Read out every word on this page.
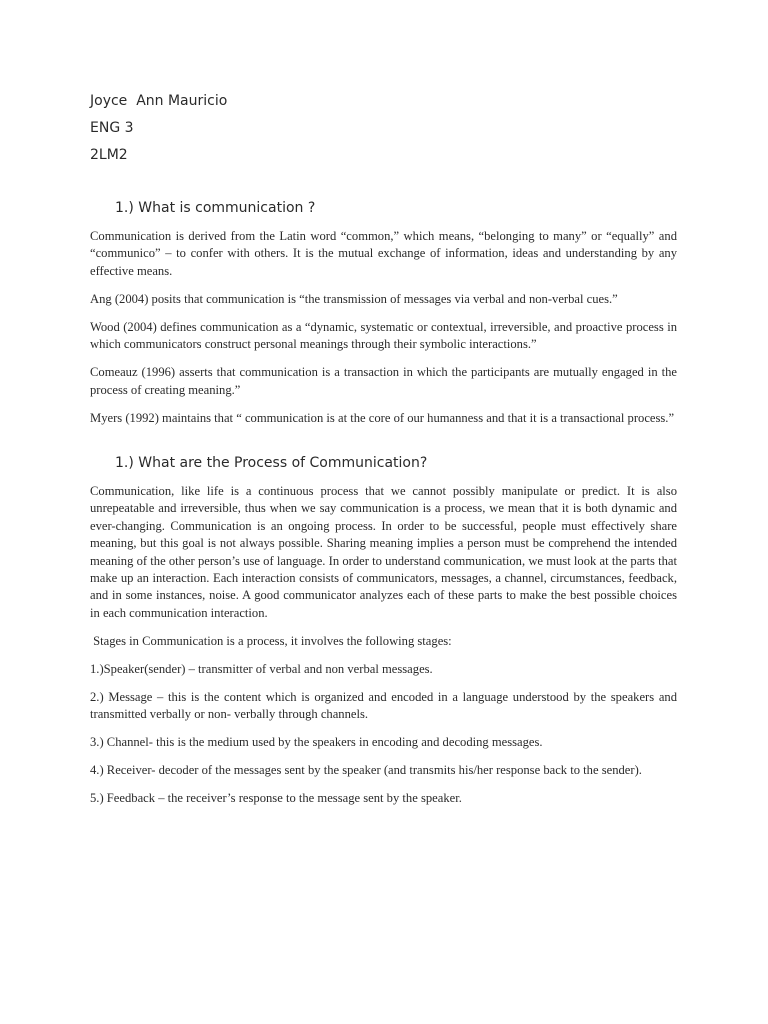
Joyce  Ann Mauricio
ENG 3
2LM2
1.) What is communication ?

Communication is derived from the Latin word “common,” which means, “belonging to many” or “equally” and “communico” – to confer with others. It is the mutual exchange of information, ideas and understanding by any effective means.

Ang (2004) posits that communication is “the transmission of messages via verbal and non-verbal cues.”

Wood (2004) defines communication as a “dynamic, systematic or contextual, irreversible, and proactive process in which communicators construct personal meanings through their symbolic interactions.”

Comeauz (1996) asserts that communication is a transaction in which the participants are mutually engaged in the process of creating meaning.”

Myers (1992) maintains that “ communication is at the core of our humanness and that it is a transactional process.”

1.) What are the Process of Communication?

Communication, like life is a continuous process that we cannot possibly manipulate or predict. It is also unrepeatable and irreversible, thus when we say communication is a process, we mean that it is both dynamic and ever-changing. Communication is an ongoing process. In order to be successful, people must effectively share meaning, but this goal is not always possible. Sharing meaning implies a person must be comprehend the intended meaning of the other person’s use of language. In order to understand communication, we must look at the parts that make up an interaction. Each interaction consists of communicators, messages, a channel, circumstances, feedback, and in some instances, noise. A good communicator analyzes each of these parts to make the best possible choices in each communication interaction.

Stages in Communication is a process, it involves the following stages:

1.)Speaker(sender) – transmitter of verbal and non verbal messages.

2.) Message – this is the content which is organized and encoded in a language understood by the speakers and transmitted verbally or non- verbally through channels.

3.) Channel- this is the medium used by the speakers in encoding and decoding messages.

4.) Receiver- decoder of the messages sent by the speaker (and transmits his/her response back to the sender).

5.) Feedback – the receiver’s response to the message sent by the speaker.
